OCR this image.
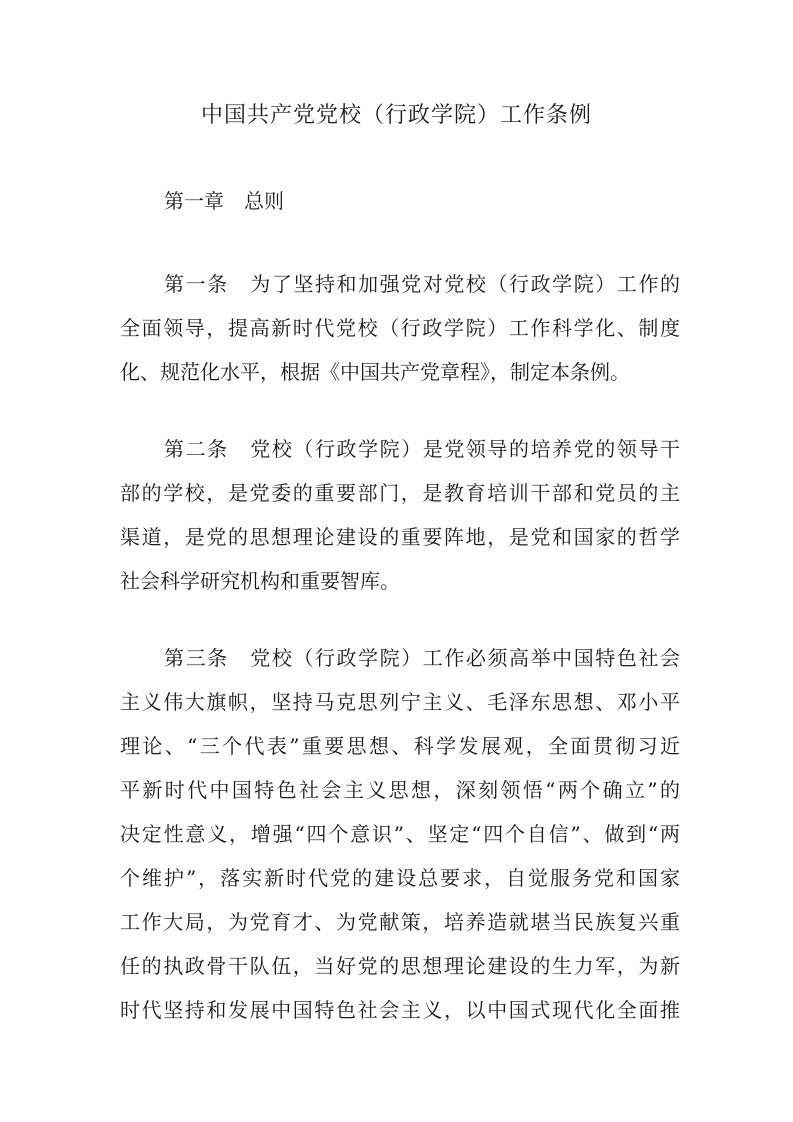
中国共产党党校（行政学院）工作条例
第一章　总则
第一条　为了坚持和加强党对党校（行政学院）工作的
全面领导，提高新时代党校（行政学院）工作科学化、制度
化、规范化水平，根据《中国共产党章程》，制定本条例。
第二条　党校（行政学院）是党领导的培养党的领导干
部的学校，是党委的重要部门，是教育培训干部和党员的主
渠道，是党的思想理论建设的重要阵地，是党和国家的哲学
社会科学研究机构和重要智库。
第三条　党校（行政学院）工作必须高举中国特色社会
主义伟大旗帜，坚持马克思列宁主义、毛泽东思想、邓小平
理论、“三个代表”重要思想、科学发展观，全面贯彻习近
平新时代中国特色社会主义思想，深刻领悟“两个确立”的
决定性意义，增强“四个意识”、坚定“四个自信”、做到“两
个维护”，落实新时代党的建设总要求，自觉服务党和国家
工作大局，为党育才、为党献策，培养造就堪当民族复兴重
任的执政骨干队伍，当好党的思想理论建设的生力军，为新
时代坚持和发展中国特色社会主义，以中国式现代化全面推
